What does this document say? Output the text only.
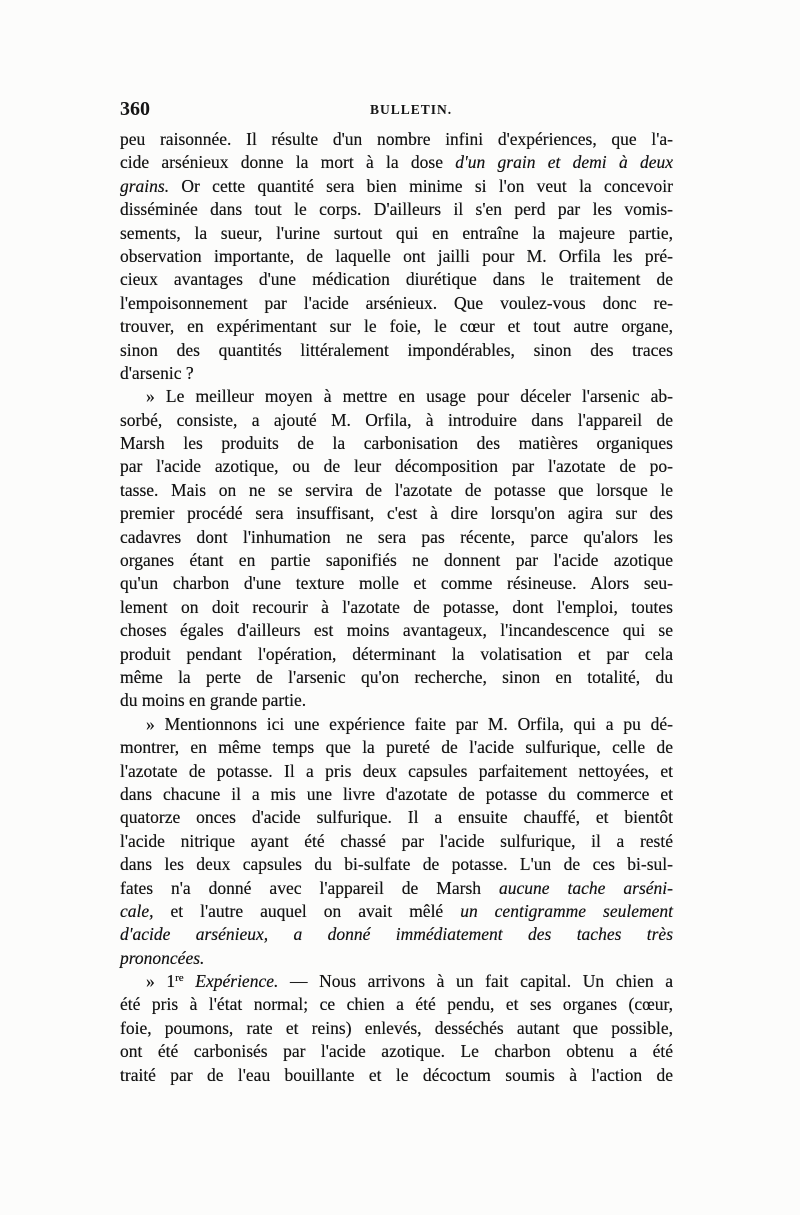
360	BULLETIN.
peu raisonnée. Il résulte d'un nombre infini d'expériences, que l'a-
cide arsénieux donne la mort à la dose d'un grain et demi à deux
grains. Or cette quantité sera bien minime si l'on veut la concevoir
disséminée dans tout le corps. D'ailleurs il s'en perd par les vomis-
sements, la sueur, l'urine surtout qui en entraîne la majeure partie,
observation importante, de laquelle ont jailli pour M. Orfila les pré-
cieux avantages d'une médication diurétique dans le traitement de
l'empoisonnement par l'acide arsénieux. Que voulez-vous donc re-
trouver, en expérimentant sur le foie, le cœur et tout autre organe,
sinon des quantités littéralement impondérables, sinon des traces
d'arsenic ?
» Le meilleur moyen à mettre en usage pour déceler l'arsenic ab-
sorbé, consiste, a ajouté M. Orfila, à introduire dans l'appareil de
Marsh les produits de la carbonisation des matières organiques
par l'acide azotique, ou de leur décomposition par l'azotate de po-
tasse. Mais on ne se servira de l'azotate de potasse que lorsque le
premier procédé sera insuffisant, c'est à dire lorsqu'on agira sur des
cadavres dont l'inhumation ne sera pas récente, parce qu'alors les
organes étant en partie saponifiés ne donnent par l'acide azotique
qu'un charbon d'une texture molle et comme résineuse. Alors seu-
lement on doit recourir à l'azotate de potasse, dont l'emploi, toutes
choses égales d'ailleurs est moins avantageux, l'incandescence qui se
produit pendant l'opération, déterminant la volatisation et par cela
même la perte de l'arsenic qu'on recherche, sinon en totalité, du
du moins en grande partie.
» Mentionnons ici une expérience faite par M. Orfila, qui a pu dé-
montrer, en même temps que la pureté de l'acide sulfurique, celle de
l'azotate de potasse. Il a pris deux capsules parfaitement nettoyées, et
dans chacune il a mis une livre d'azotate de potasse du commerce et
quatorze onces d'acide sulfurique. Il a ensuite chauffé, et bientôt
l'acide nitrique ayant été chassé par l'acide sulfurique, il a resté
dans les deux capsules du bi-sulfate de potasse. L'un de ces bi-sul-
fates n'a donné avec l'appareil de Marsh aucune tache arséni-
cale, et l'autre auquel on avait mêlé un centigramme seulement
d'acide arsénieux, a donné immédiatement des taches très
prononcées.
» 1re Expérience. — Nous arrivons à un fait capital. Un chien a
été pris à l'état normal; ce chien a été pendu, et ses organes (cœur,
foie, poumons, rate et reins) enlevés, desséchés autant que possible,
ont été carbonisés par l'acide azotique. Le charbon obtenu a été
traité par de l'eau bouillante et le décoctum soumis à l'action de
